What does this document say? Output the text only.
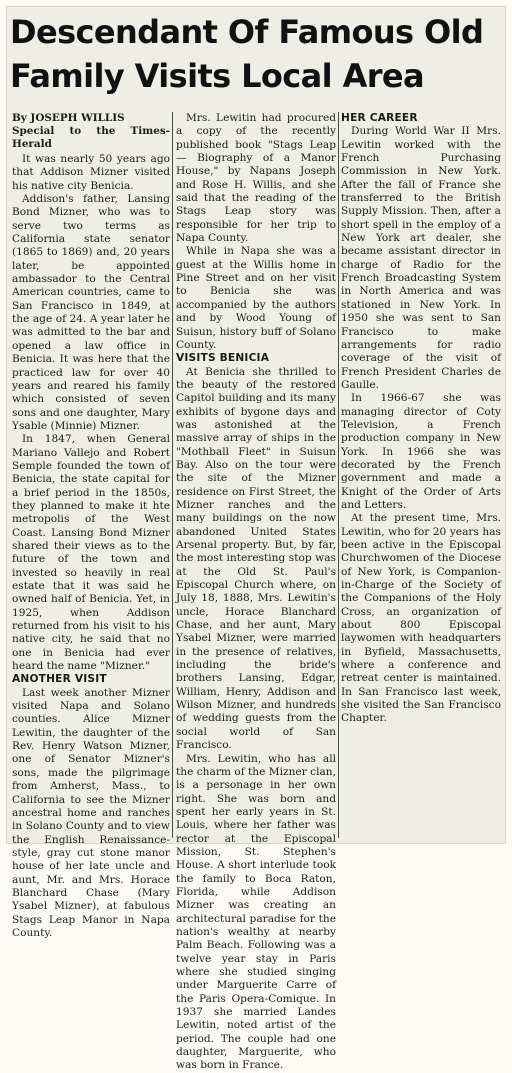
Descendant Of Famous Old
Family Visits Local Area
By JOSEPH WILLIS
Special to the Times-Herald

It was nearly 50 years ago that Addison Mizner visited his native city Benicia.

Addison's father, Lansing Bond Mizner, who was to serve two terms as California state senator (1865 to 1869) and, 20 years later, be appointed ambassador to the Central American countries, came to San Francisco in 1849, at the age of 24. A year later he was admitted to the bar and opened a law office in Benicia. It was here that the practiced law for over 40 years and reared his family which consisted of seven sons and one daughter, Mary Ysable (Minnie) Mizner.

In 1847, when General Mariano Vallejo and Robert Semple founded the town of Benicia, the state capital for a brief period in the 1850s, they planned to make it hte metropolis of the West Coast. Lansing Bond Mizner shared their views as to the future of the town and invested so heavily in real estate that it was said he owned half of Benicia. Yet, in 1925, when Addison returned from his visit to his native city, he said that no one in Benicia had ever heard the name "Mizner."

ANOTHER VISIT

Last week another Mizner visited Napa and Solano counties. Alice Mizner Lewitin, the daughter of the Rev. Henry Watson Mizner, one of Senator Mizner's sons, made the pilgrimage from Amherst, Mass., to California to see the Mizner ancestral home and ranches in Solano County and to view the English Renaissance-style, gray cut stone manor house of her late uncle and aunt, Mr. and Mrs. Horace Blanchard Chase (Mary Ysabel Mizner), at fabulous Stags Leap Manor in Napa County.

Mrs. Lewitin had procured a copy of the recently published book "Stags Leap — Biography of a Manor House," by Napans Joseph and Rose H. Willis, and she said that the reading of the Stags Leap story was responsible for her trip to Napa County.

While in Napa she was a guest at the Willis home in Pine Street and on her visit to Benicia she was accompanied by the authors and by Wood Young of Suisun, history buff of Solano County.

VISITS BENICIA

At Benicia she thrilled to the beauty of the restored Capitol building and its many exhibits of bygone days and was astonished at the massive array of ships in the "Mothball Fleet" in Suisun Bay. Also on the tour were the site of the Mizner residence on First Street, the Mizner ranches and the many buildings on the now abandoned United States Arsenal property. But, by far, the most interesting stop was at the Old St. Paul's Episcopal Church where, on July 18, 1888, Mrs. Lewitin's uncle, Horace Blanchard Chase, and her aunt, Mary Ysabel Mizner, were married in the presence of relatives, including the bride's brothers Lansing, Edgar, William, Henry, Addison and Wilson Mizner, and hundreds of wedding guests from the social world of San Francisco.

Mrs. Lewitin, who has all the charm of the Mizner clan, is a personage in her own right. She was born and spent her early years in St. Louis, where her father was rector at the Episcopal Mission, St. Stephen's House. A short interlude took the family to Boca Raton, Florida, while Addison Mizner was creating an architectural paradise for the nation's wealthy at nearby Palm Beach. Following was a twelve year stay in Paris where she studied singing under Marguerite Carre of the Paris Opera-Comique. In 1937 she married Landes Lewitin, noted artist of the period. The couple had one daughter, Marguerite, who was born in France.

HER CAREER

During World War II Mrs. Lewitin worked with the French Purchasing Commission in New York. After the fall of France she transferred to the British Supply Mission. Then, after a short spell in the employ of a New York art dealer, she became assistant director in charge of Radio for the French Broadcasting System in North America and was stationed in New York. In 1950 she was sent to San Francisco to make arrangements for radio coverage of the visit of French President Charles de Gaulle.

In 1966-67 she was managing director of Coty Television, a French production company in New York. In 1966 she was decorated by the French government and made a Knight of the Order of Arts and Letters.

At the present time, Mrs. Lewitin, who for 20 years has been active in the Episcopal Churchwomen of the Diocese of New York, is Companion-in-Charge of the Society of the Companions of the Holy Cross, an organization of about 800 Episcopal laywomen with headquarters in Byfield, Massachusetts, where a conference and retreat center is maintained. In San Francisco last week, she visited the San Francisco Chapter.
